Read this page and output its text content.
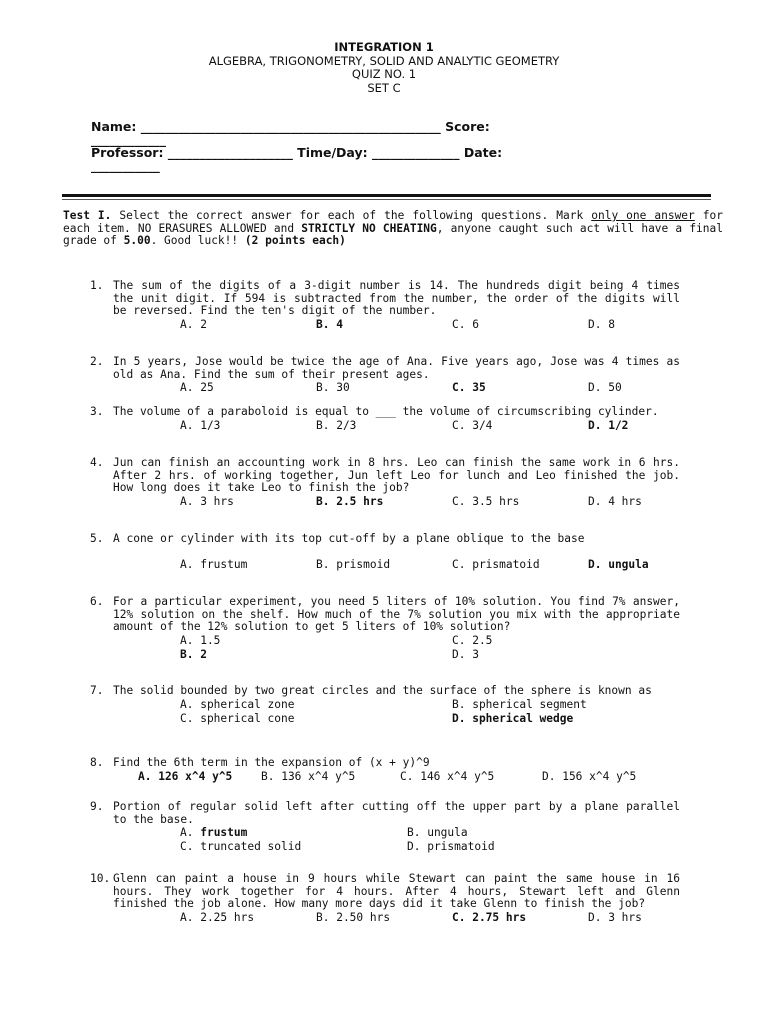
INTEGRATION 1
ALGEBRA, TRIGONOMETRY, SOLID AND ANALYTIC GEOMETRY
QUIZ NO. 1
SET C
Name: ________________________________________________ Score:
____________
Professor: ____________________ Time/Day: ______________ Date:
___________
Test I. Select the correct answer for each of the following questions. Mark only one answer for each item. NO ERASURES ALLOWED and STRICTLY NO CHEATING, anyone caught such act will have a final grade of 5.00. Good luck!! (2 points each)
1. The sum of the digits of a 3-digit number is 14. The hundreds digit being 4 times the unit digit. If 594 is subtracted from the number, the order of the digits will be reversed. Find the ten's digit of the number.
A. 2	B. 4	C. 6	D. 8
2. In 5 years, Jose would be twice the age of Ana. Five years ago, Jose was 4 times as old as Ana. Find the sum of their present ages.
A. 25	B. 30	C. 35	D. 50
3. The volume of a paraboloid is equal to ___ the volume of circumscribing cylinder.
A. 1/3	B. 2/3	C. 3/4	D. 1/2
4. Jun can finish an accounting work in 8 hrs. Leo can finish the same work in 6 hrs. After 2 hrs. of working together, Jun left Leo for lunch and Leo finished the job. How long does it take Leo to finish the job?
A. 3 hrs	B. 2.5 hrs	C. 3.5 hrs	D. 4 hrs
5. A cone or cylinder with its top cut-off by a plane oblique to the base
A. frustum	B. prismoid	C. prismatoid	D. ungula
6. For a particular experiment, you need 5 liters of 10% solution. You find 7% answer, 12% solution on the shelf. How much of the 7% solution you mix with the appropriate amount of the 12% solution to get 5 liters of 10% solution?
A. 1.5	C. 2.5
B. 2	D. 3
7. The solid bounded by two great circles and the surface of the sphere is known as
A. spherical zone	B. spherical segment
C. spherical cone	D. spherical wedge
8. Find the 6th term in the expansion of (x + y)^9
A. 126 x^4 y^5	B. 136 x^4 y^5	C. 146 x^4 y^5	D. 156 x^4 y^5
9. Portion of regular solid left after cutting off the upper part by a plane parallel to the base.
A. frustum	B. ungula
C. truncated solid	D. prismatoid
10. Glenn can paint a house in 9 hours while Stewart can paint the same house in 16 hours. They work together for 4 hours. After 4 hours, Stewart left and Glenn finished the job alone. How many more days did it take Glenn to finish the job?
A. 2.25 hrs	B. 2.50 hrs	C. 2.75 hrs	D. 3 hrs
